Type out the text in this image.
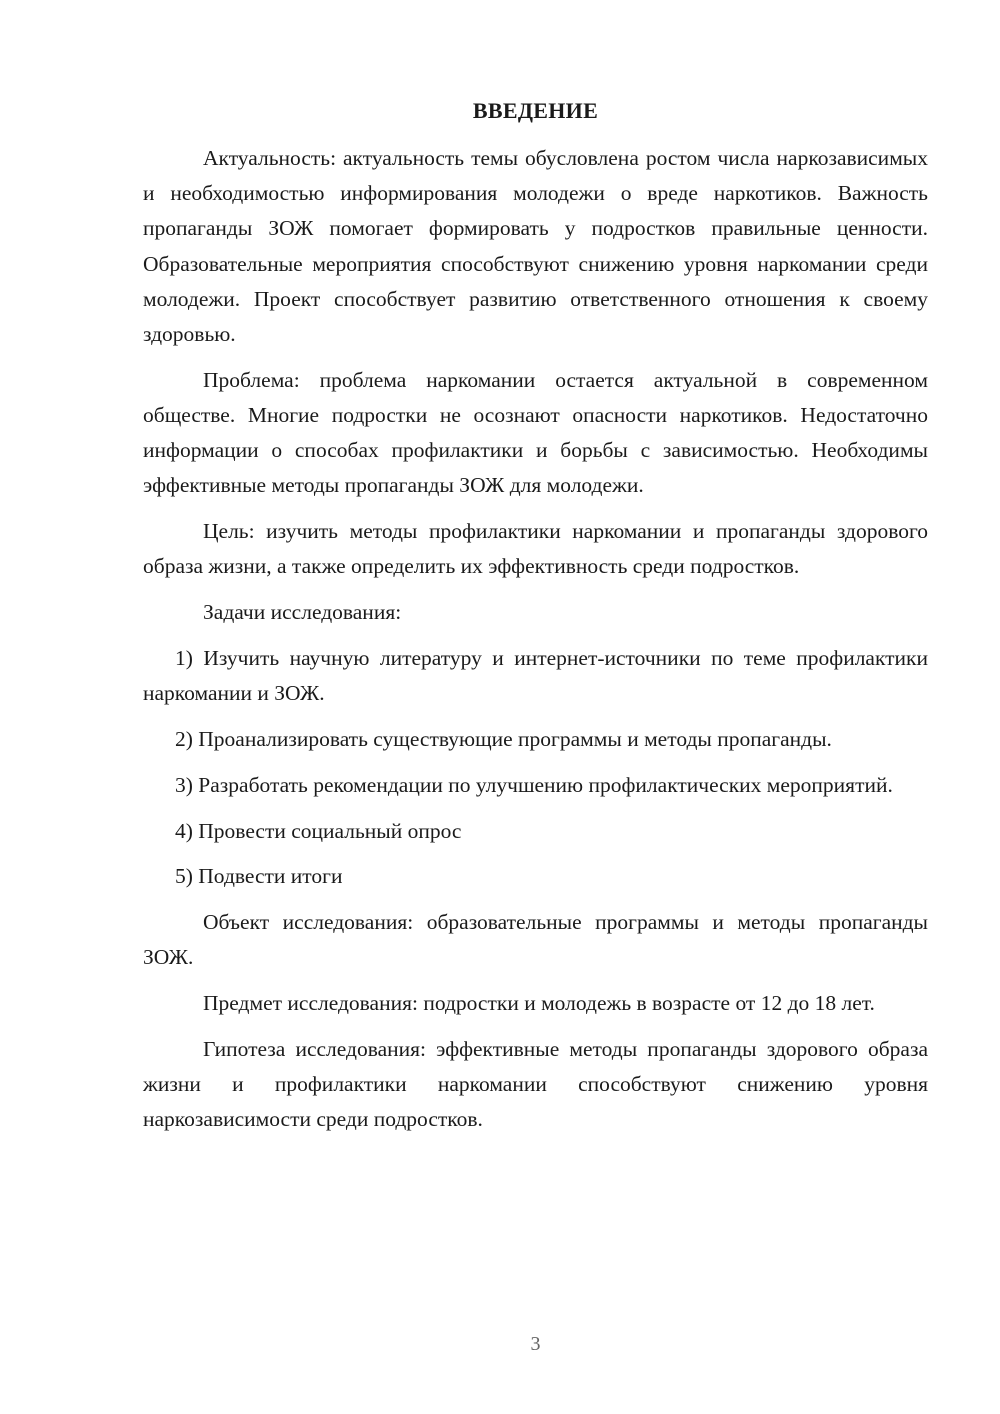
ВВЕДЕНИЕ

Актуальность: актуальность темы обусловлена ростом числа наркозависимых и необходимостью информирования молодежи о вреде наркотиков. Важность пропаганды ЗОЖ помогает формировать у подростков правильные ценности. Образовательные мероприятия способствуют снижению уровня наркомании среди молодежи. Проект способствует развитию ответственного отношения к своему здоровью.

Проблема: проблема наркомании остается актуальной в современном обществе. Многие подростки не осознают опасности наркотиков. Недостаточно информации о способах профилактики и борьбы с зависимостью. Необходимы эффективные методы пропаганды ЗОЖ для молодежи.

Цель: изучить методы профилактики наркомании и пропаганды здорового образа жизни, а также определить их эффективность среди подростков.

Задачи исследования:

1) Изучить научную литературу и интернет-источники по теме профилактики наркомании и ЗОЖ.

2) Проанализировать существующие программы и методы пропаганды.

3) Разработать рекомендации по улучшению профилактических мероприятий.

4) Провести социальный опрос

5) Подвести итоги

Объект исследования: образовательные программы и методы пропаганды ЗОЖ.

Предмет исследования: подростки и молодежь в возрасте от 12 до 18 лет.

Гипотеза исследования: эффективные методы пропаганды здорового образа жизни и профилактики наркомании способствуют снижению уровня наркозависимости среди подростков.

3
